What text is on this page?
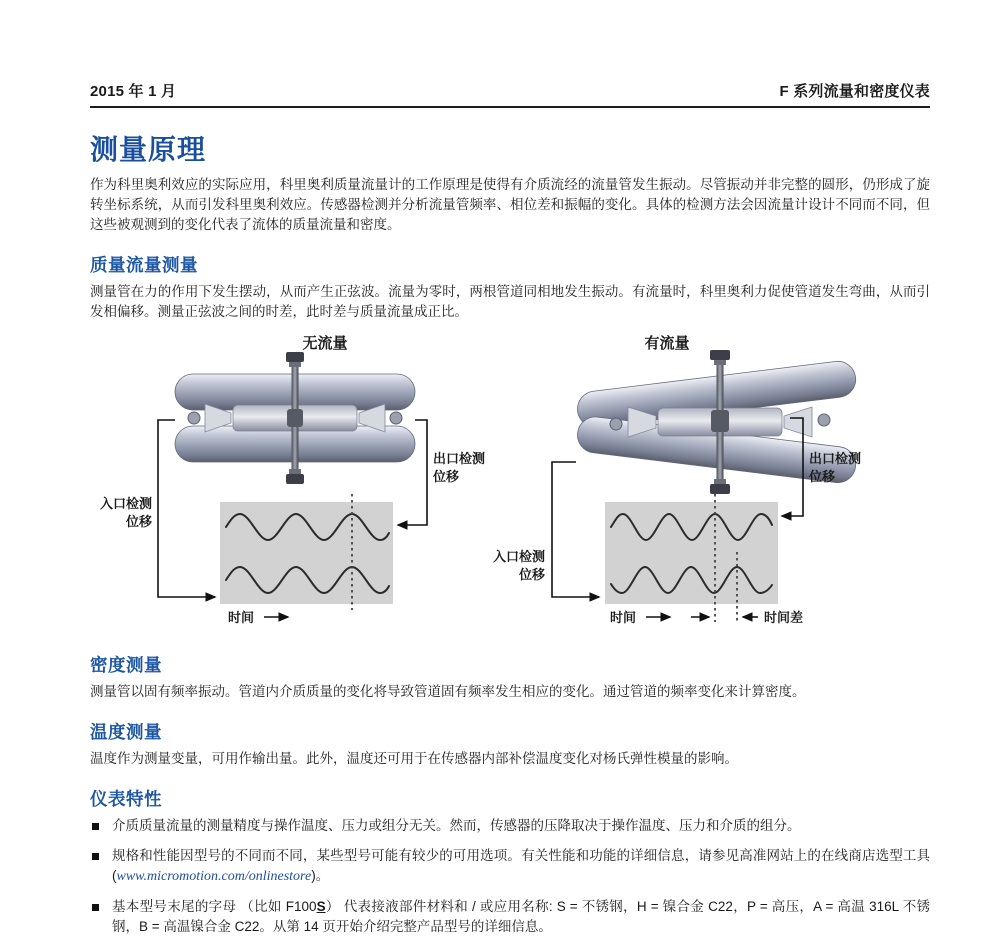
2015 年 1 月	F 系列流量和密度仪表
测量原理

作为科里奥利效应的实际应用，科里奥利质量流量计的工作原理是使得有介质流经的流量管发生振动。尽管振动并非完整的圆形，仍形成了旋转坐标系统，从而引发科里奥利效应。传感器检测并分析流量管频率、相位差和振幅的变化。具体的检测方法会因流量计设计不同而不同，但这些被观测到的变化代表了流体的质量流量和密度。

质量流量测量

测量管在力的作用下发生摆动，从而产生正弦波。流量为零时，两根管道同相地发生振动。有流量时，科里奥利力促使管道发生弯曲，从而引发相偏移。测量正弦波之间的时差，此时差与质量流量成正比。

无流量
入口检测
位移
出口检测
位移
时间
有流量
入口检测
位移
出口检测
位移
时间	时间差
密度测量

测量管以固有频率振动。管道内介质质量的变化将导致管道固有频率发生相应的变化。通过管道的频率变化来计算密度。

温度测量

温度作为测量变量，可用作输出量。此外，温度还可用于在传感器内部补偿温度变化对杨氏弹性模量的影响。

仪表特性
介质质量流量的测量精度与操作温度、压力或组分无关。然而，传感器的压降取决于操作温度、压力和介质的组分。
规格和性能因型号的不同而不同，某些型号可能有较少的可用选项。有关性能和功能的详细信息，请参见高准网站上的在线商店选型工具 (www.micromotion.com/onlinestore)。
基本型号末尾的字母 （比如 F100S） 代表接液部件材料和 / 或应用名称: S = 不锈钢，H = 镍合金 C22，P = 高压，A = 高温 316L 不锈钢，B = 高温镍合金 C22。从第 14 页开始介绍完整产品型号的详细信息。
